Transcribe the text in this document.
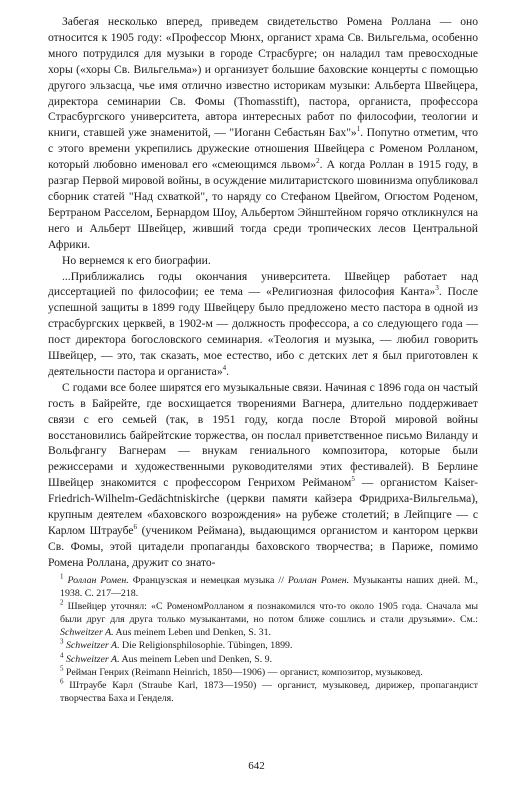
Забегая несколько вперед, приведем свидетельство Ромена Роллана — оно относится к 1905 году: «Профессор Мюнх, органист храма Св. Вильгельма, особенно много потрудился для музыки в городе Страсбурге; он наладил там превосходные хоры («хоры Св. Вильгельма») и организует большие баховские концерты с помощью другого эльзасца, чье имя отлично известно историкам музыки: Альберта Швейцера, директора семинарии Св. Фомы (Thomasstift), пастора, органиста, профессора Страсбургского университета, автора интересных работ по философии, теологии и книги, ставшей уже знаменитой, — "Иоганн Себастьян Бах"»$^1$. Попутно отметим, что с этого времени укрепились дружеские отношения Швейцера с Роменом Ролланом, который любовно именовал его «смеющимся львом»$^2$. А когда Роллан в 1915 году, в разгар Первой мировой войны, в осуждение милитаристского шовинизма опубликовал сборник статей "Над схваткой", то наряду со Стефаном Цвейгом, Огюстом Роденом, Бертраном Расселом, Бернардом Шоу, Альбертом Эйнштейном горячо откликнулся на него и Альберт Швейцер, живший тогда среди тропических лесов Центральной Африки.

Но вернемся к его биографии.

...Приближались годы окончания университета. Швейцер работает над диссертацией по философии; ее тема — «Религиозная философия Канта»$^3$. После успешной защиты в 1899 году Швейцеру было предложено место пастора в одной из страсбургских церквей, в 1902-м — должность профессора, а со следующего года — пост директора богословского семинария. «Теология и музыка, — любил говорить Швейцер, — это, так сказать, мое естество, ибо с детских лет я был приготовлен к деятельности пастора и органиста»$^4$.

С годами все более ширятся его музыкальные связи. Начиная с 1896 года он частый гость в Байрейте, где восхищается творениями Вагнера, длительно поддерживает связи с его семьей (так, в 1951 году, когда после Второй мировой войны восстановились байрейтские торжества, он послал приветственное письмо Виланду и Вольфгангу Вагнерам — внукам гениального композитора, которые были режиссерами и художественными руководителями этих фестивалей). В Берлине Швейцер знакомится с профессором Генрихом Рейманом$^5$ — органистом Kaiser-Friedrich-Wilhelm-Gedächtniskirche (церкви памяти кайзера Фридриха-Вильгельма), крупным деятелем «баховского возрождения» на рубеже столетий; в Лейпциге — с Карлом Штраубе$^6$ (учеником Реймана), выдающимся органистом и кантором церкви Св. Фомы, этой цитадели пропаганды баховского творчества; в Париже, помимо Ромена Роллана, дружит со знато-

$^1$ Роллан Ромен. Французская и немецкая музыка // Роллан Ромен. Музыканты наших дней. М., 1938. С. 217—218.

$^2$ Швейцер уточнял: «С РоменомРолланом я познакомился что-то около 1905 года. Сначала мы были друг для друга только музыкантами, но потом ближе сошлись и стали друзьями». См.: Schweitzer A. Aus meinem Leben und Denken, S. 31.

$^3$ Schweitzer A. Die Religionsphilosophie. Tübingen, 1899.

$^4$ Schweitzer A. Aus meinem Leben und Denken, S. 9.

$^5$ Рейман Генрих (Reimann Heinrich, 1850—1906) — органист, композитор, музыковед.

$^6$ Штраубе Карл (Straube Karl, 1873—1950) — органист, музыковед, дирижер, пропагандист творчества Баха и Генделя.

642
